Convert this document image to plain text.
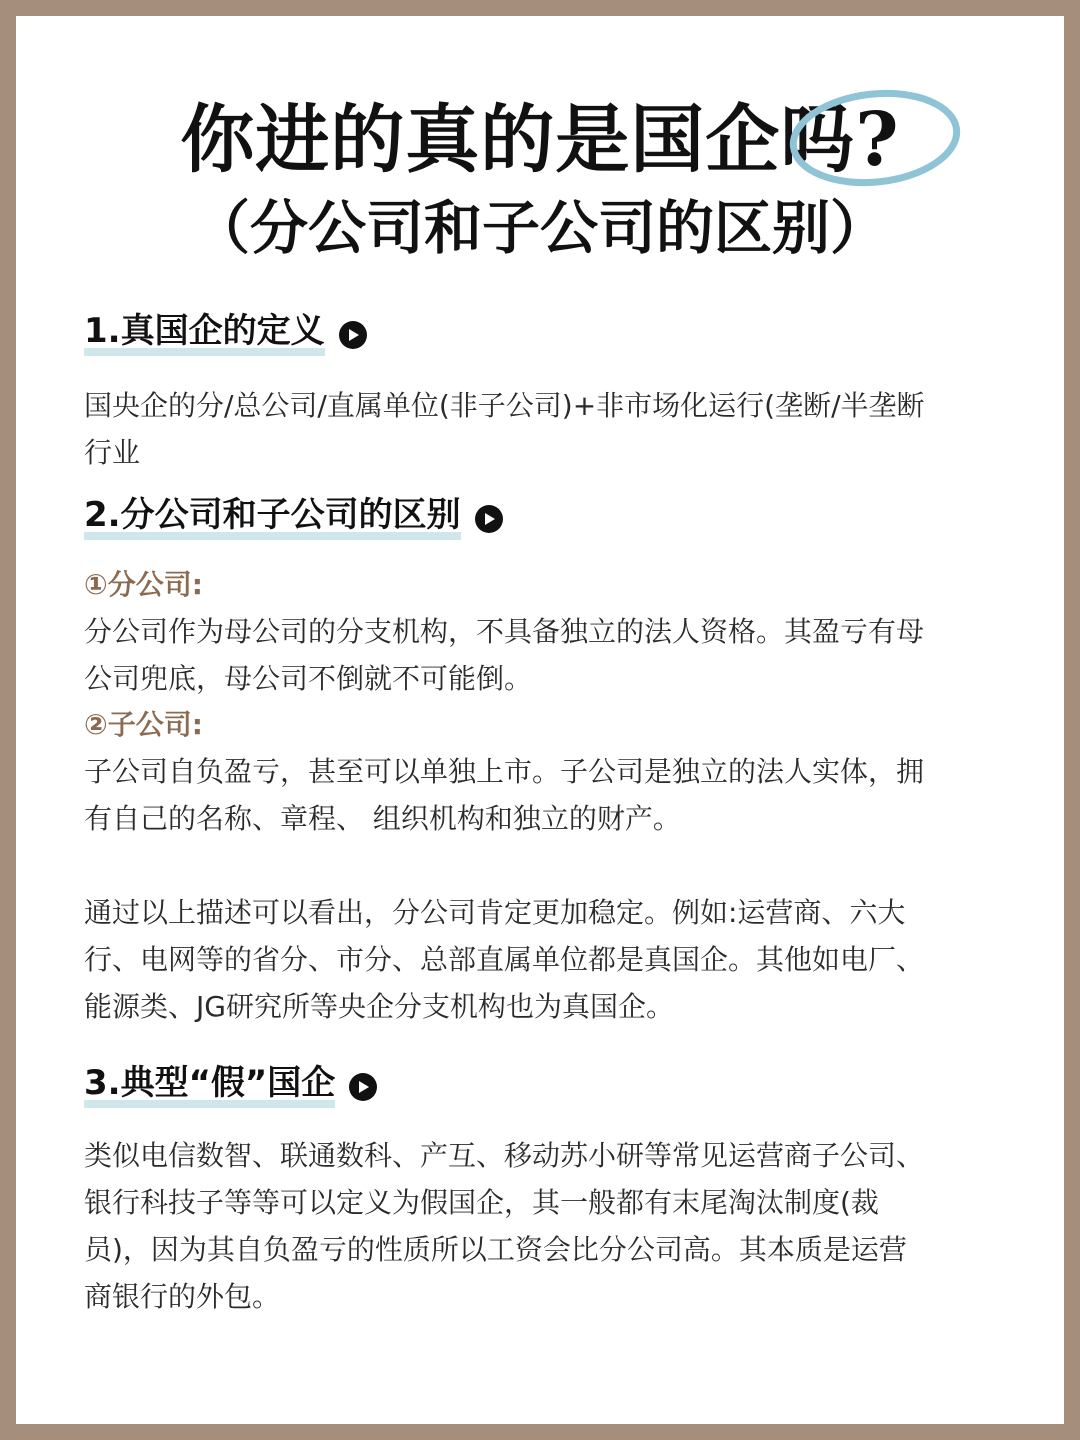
你进的真的是国企吗?
（分公司和子公司的区别）
1.真国企的定义

国央企的分/总公司/直属单位(非子公司)+非市场化运行(垄断/半垄断

行业

2.分公司和子公司的区别

①分公司:

分公司作为母公司的分支机构，不具备独立的法人资格。其盈亏有母

公司兜底，母公司不倒就不可能倒。

②子公司:

子公司自负盈亏，甚至可以单独上市。子公司是独立的法人实体，拥

有自己的名称、章程、 组织机构和独立的财产。

通过以上描述可以看出，分公司肯定更加稳定。例如:运营商、六大

行、电网等的省分、市分、总部直属单位都是真国企。其他如电厂、

能源类、JG研究所等央企分支机构也为真国企。

3.典型“假”国企

类似电信数智、联通数科、产互、移动苏小研等常见运营商子公司、

银行科技子等等可以定义为假国企，其一般都有末尾淘汰制度(裁

员)，因为其自负盈亏的性质所以工资会比分公司高。其本质是运营

商银行的外包。
